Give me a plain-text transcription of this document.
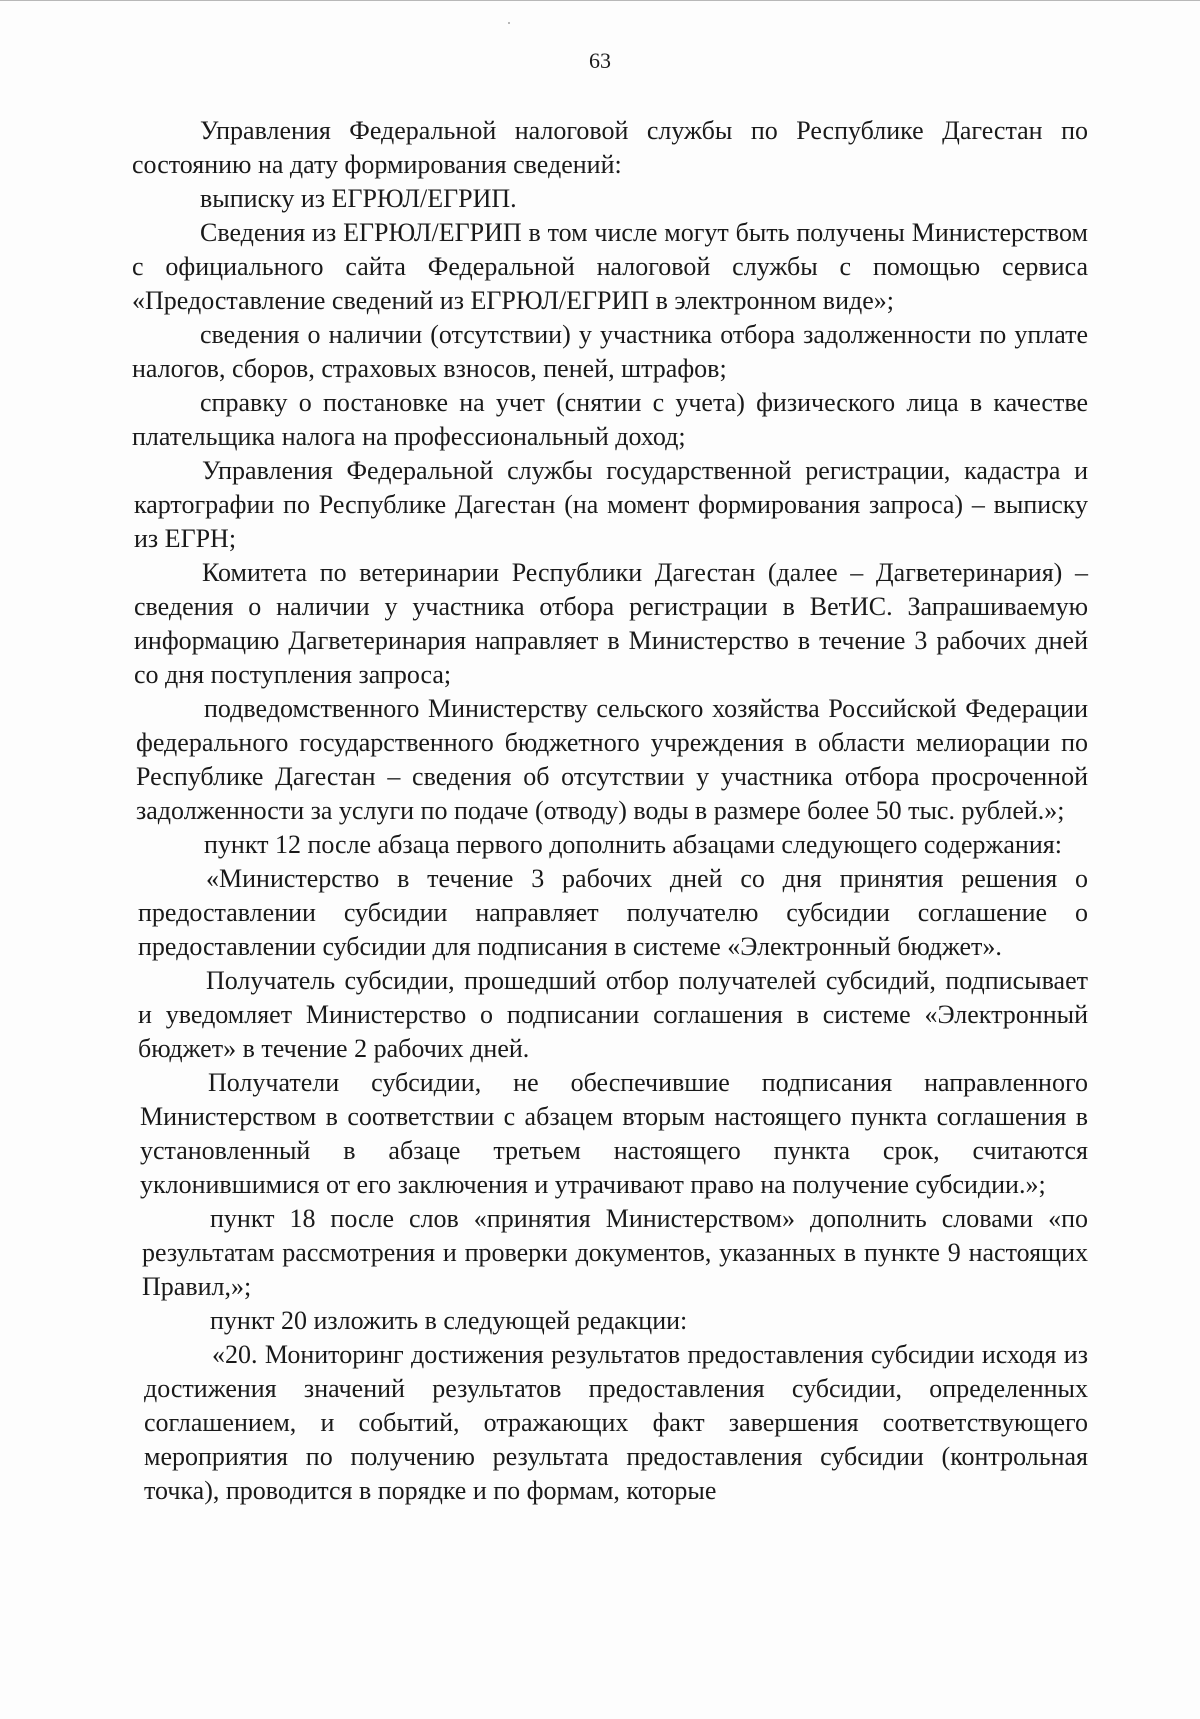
63

Управления Федеральной налоговой службы по Республике Дагестан по состоянию на дату формирования сведений:

выписку из ЕГРЮЛ/ЕГРИП.

Сведения из ЕГРЮЛ/ЕГРИП в том числе могут быть получены Министерством с официального сайта Федеральной налоговой службы с помощью сервиса «Предоставление сведений из ЕГРЮЛ/ЕГРИП в электронном виде»;

сведения о наличии (отсутствии) у участника отбора задолженности по уплате налогов, сборов, страховых взносов, пеней, штрафов;

справку о постановке на учет (снятии с учета) физического лица в качестве плательщика налога на профессиональный доход;

Управления Федеральной службы государственной регистрации, кадастра и картографии по Республике Дагестан (на момент формирования запроса) – выписку из ЕГРН;

Комитета по ветеринарии Республики Дагестан (далее – Дагветеринария) – сведения о наличии у участника отбора регистрации в ВетИС. Запрашиваемую информацию Дагветеринария направляет в Министерство в течение 3 рабочих дней со дня поступления запроса;

подведомственного Министерству сельского хозяйства Российской Федерации федерального государственного бюджетного учреждения в области мелиорации по Республике Дагестан – сведения об отсутствии у участника отбора просроченной задолженности за услуги по подаче (отводу) воды в размере более 50 тыс. рублей.»;

пункт 12 после абзаца первого дополнить абзацами следующего содержания:

«Министерство в течение 3 рабочих дней со дня принятия решения о предоставлении субсидии направляет получателю субсидии соглашение о предоставлении субсидии для подписания в системе «Электронный бюджет».

Получатель субсидии, прошедший отбор получателей субсидий, подписывает и уведомляет Министерство о подписании соглашения в системе «Электронный бюджет» в течение 2 рабочих дней.

Получатели субсидии, не обеспечившие подписания направленного Министерством в соответствии с абзацем вторым настоящего пункта соглашения в установленный в абзаце третьем настоящего пункта срок, считаются уклонившимися от его заключения и утрачивают право на получение субсидии.»;

пункт 18 после слов «принятия Министерством» дополнить словами «по результатам рассмотрения и проверки документов, указанных в пункте 9 настоящих Правил,»;

пункт 20 изложить в следующей редакции:

«20. Мониторинг достижения результатов предоставления субсидии исходя из достижения значений результатов предоставления субсидии, определенных соглашением, и событий, отражающих факт завершения соответствующего мероприятия по получению результата предоставления субсидии (контрольная точка), проводится в порядке и по формам, которые
